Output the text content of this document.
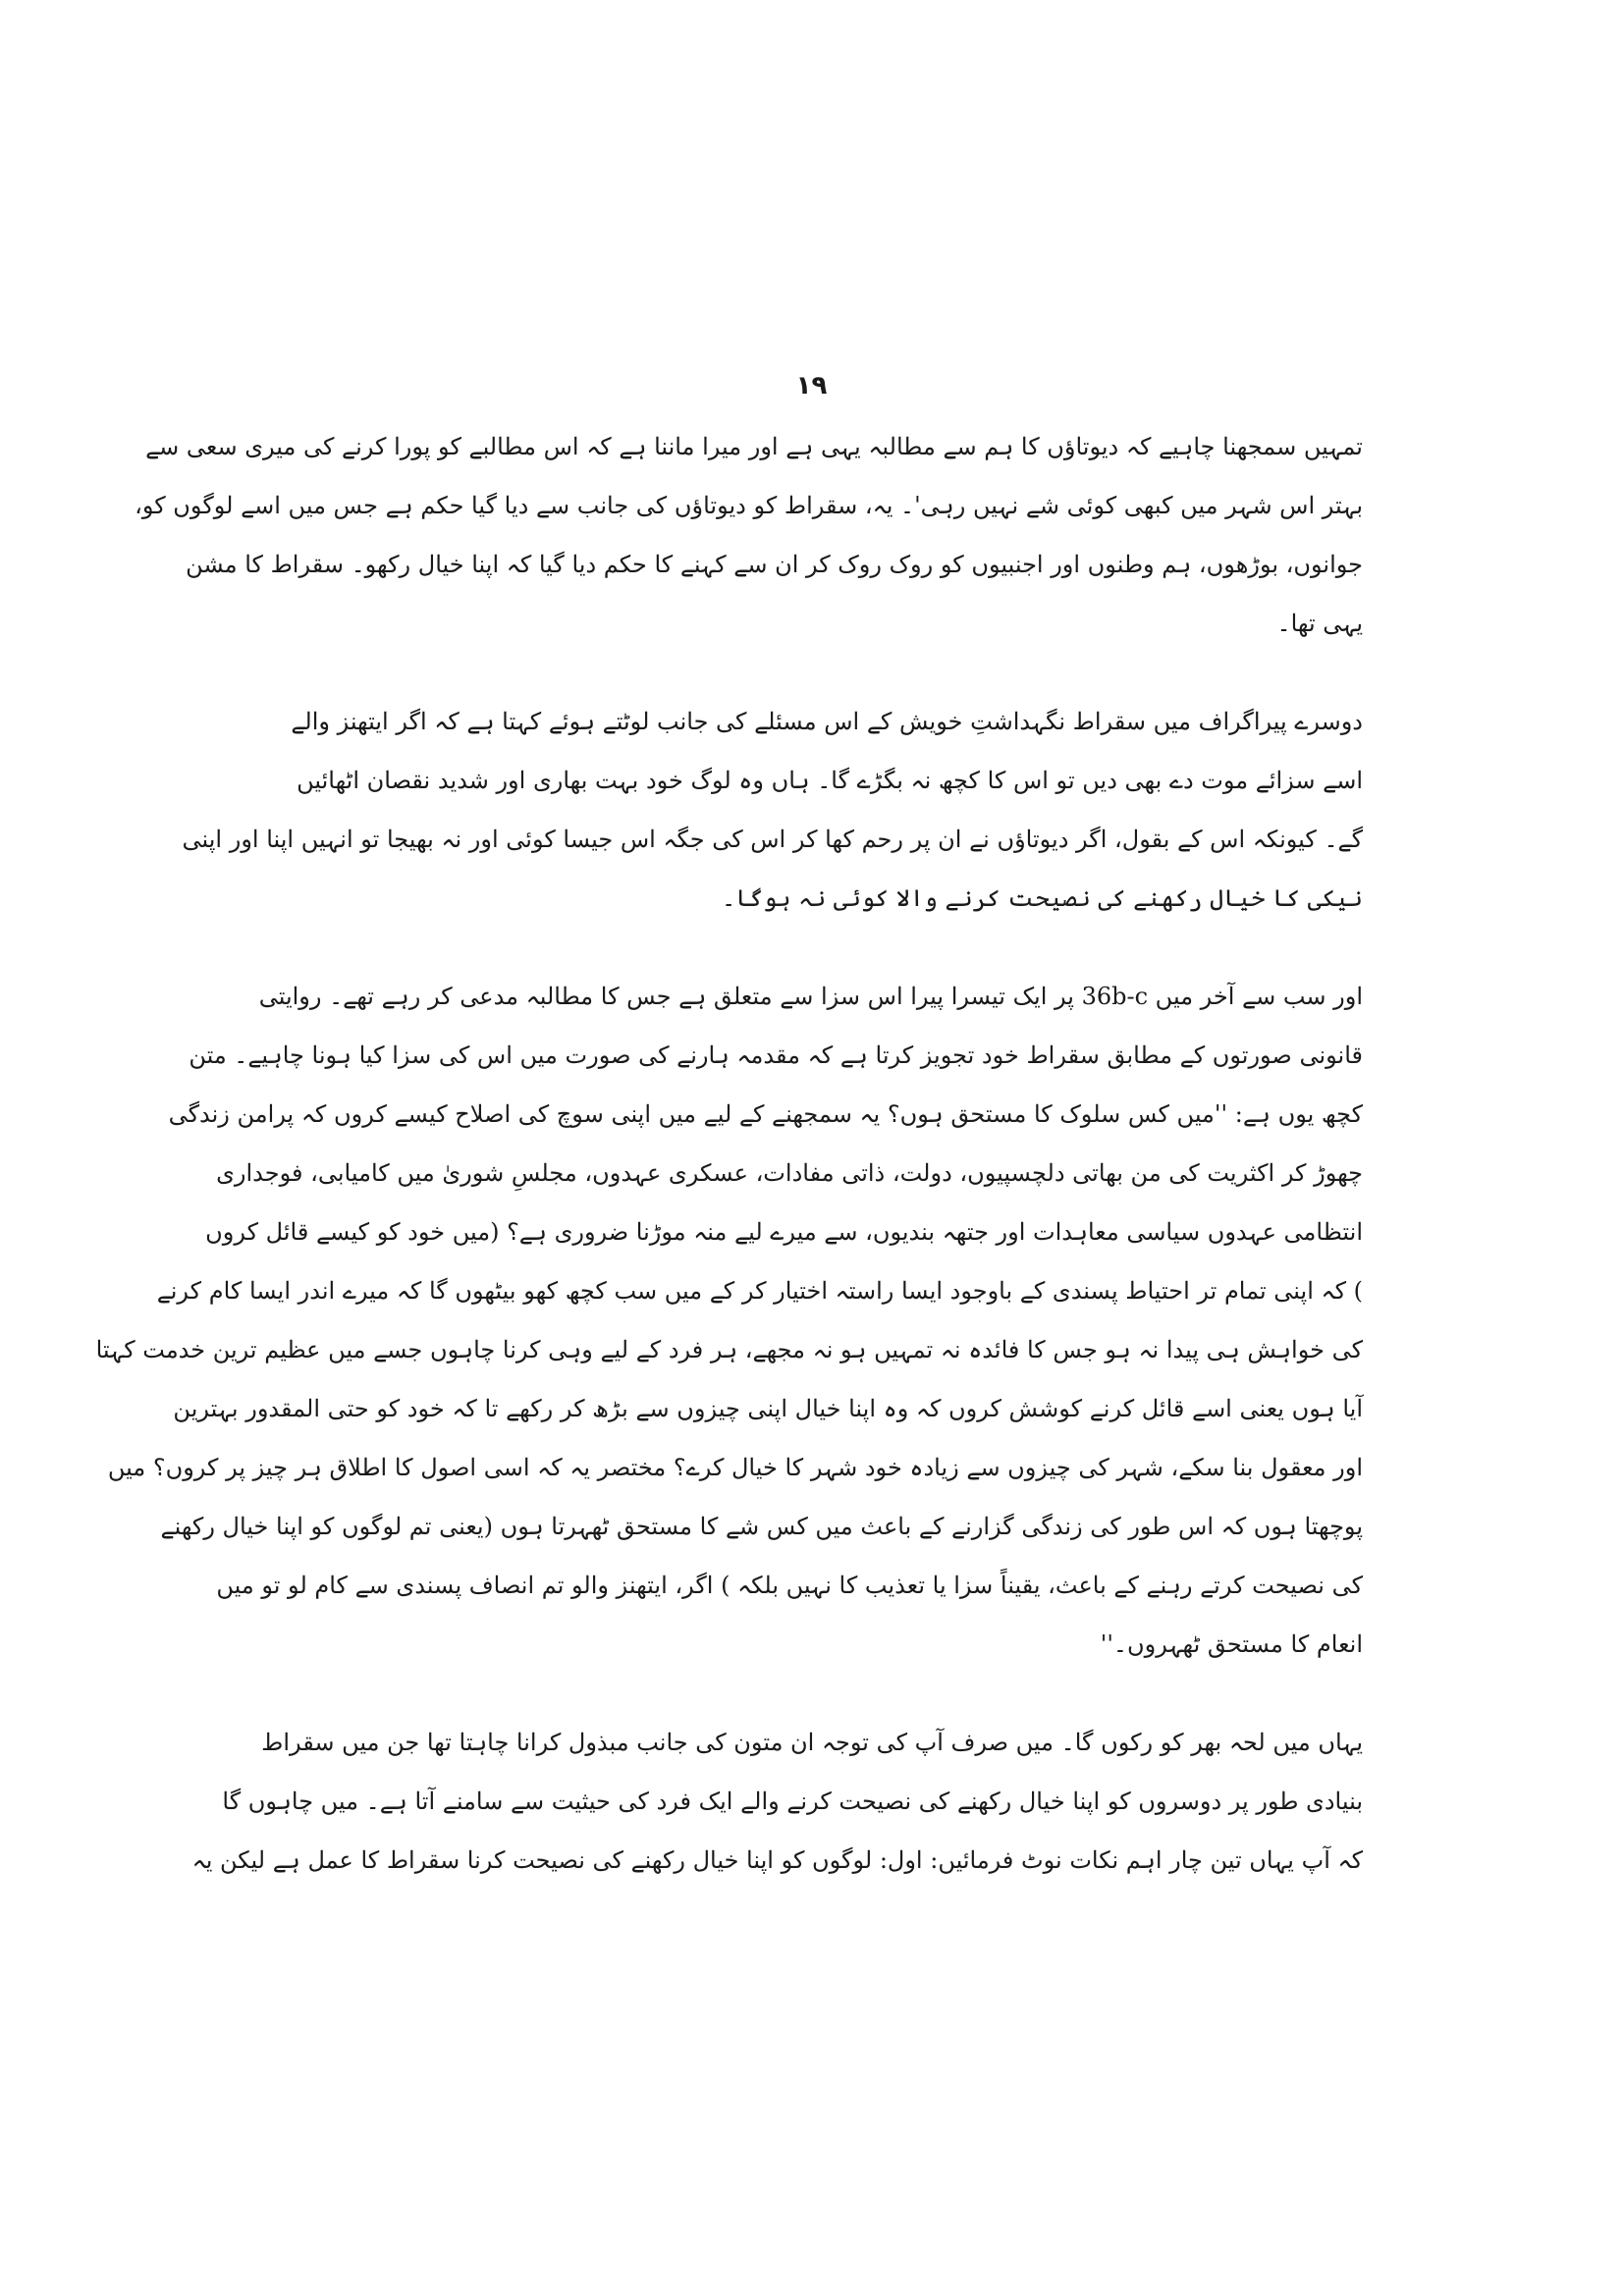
۱۹
تمہیں سمجھنا چاہیے کہ دیوتاؤں کا ہم سے مطالبہ یہی ہے اور میرا ماننا ہے کہ اس مطالبے کو پورا کرنے کی میری سعی سے
بہتر اس شہر میں کبھی کوئی شے نہیں رہی'۔ یہ، سقراط کو دیوتاؤں کی جانب سے دیا گیا حکم ہے جس میں اسے لوگوں کو،
جوانوں، بوڑھوں، ہم وطنوں اور اجنبیوں کو روک روک کر ان سے کہنے کا حکم دیا گیا کہ اپنا خیال رکھو۔ سقراط کا مشن
یہی تھا۔
دوسرے پیراگراف میں سقراط نگہداشتِ خویش کے اس مسئلے کی جانب لوٹتے ہوئے کہتا ہے کہ اگر ایتھنز والے
اسے سزائے موت دے بھی دیں تو اس کا کچھ نہ بگڑے گا۔ ہاں وہ لوگ خود بہت بھاری اور شدید نقصان اٹھائیں
گے۔ کیونکہ اس کے بقول، اگر دیوتاؤں نے ان پر رحم کھا کر اس کی جگہ اس جیسا کوئی اور نہ بھیجا تو انہیں اپنا اور اپنی
نیکی کا خیال رکھنے کی نصیحت کرنے والا کوئی نہ ہوگا۔
اور سب سے آخر میں 36b-c پر ایک تیسرا پیرا اس سزا سے متعلق ہے جس کا مطالبہ مدعی کر رہے تھے۔ روایتی
قانونی صورتوں کے مطابق سقراط خود تجویز کرتا ہے کہ مقدمہ ہارنے کی صورت میں اس کی سزا کیا ہونا چاہیے۔ متن
کچھ یوں ہے: ''میں کس سلوک کا مستحق ہوں؟ یہ سمجھنے کے لیے میں اپنی سوچ کی اصلاح کیسے کروں کہ پرامن زندگی
چھوڑ کر اکثریت کی من بھاتی دلچسپیوں، دولت، ذاتی مفادات، عسکری عہدوں، مجلسِ شوریٰ میں کامیابی، فوجداری
انتظامی عہدوں سیاسی معاہدات اور جتھہ بندیوں، سے میرے لیے منہ موڑنا ضروری ہے؟ (میں خود کو کیسے قائل کروں
) کہ اپنی تمام تر احتیاط پسندی کے باوجود ایسا راستہ اختیار کر کے میں سب کچھ کھو بیٹھوں گا کہ میرے اندر ایسا کام کرنے
کی خواہش ہی پیدا نہ ہو جس کا فائدہ نہ تمہیں ہو نہ مجھے، ہر فرد کے لیے وہی کرنا چاہوں جسے میں عظیم ترین خدمت کہتا
آیا ہوں یعنی اسے قائل کرنے کوشش کروں کہ وہ اپنا خیال اپنی چیزوں سے بڑھ کر رکھے تا کہ خود کو حتی المقدور بہترین
اور معقول بنا سکے، شہر کی چیزوں سے زیادہ خود شہر کا خیال کرے؟ مختصر یہ کہ اسی اصول کا اطلاق ہر چیز پر کروں؟ میں
پوچھتا ہوں کہ اس طور کی زندگی گزارنے کے باعث میں کس شے کا مستحق ٹھہرتا ہوں (یعنی تم لوگوں کو اپنا خیال رکھنے
کی نصیحت کرتے رہنے کے باعث، یقیناً سزا یا تعذیب کا نہیں بلکہ ) اگر، ایتھنز والو تم انصاف پسندی سے کام لو تو میں
انعام کا مستحق ٹھہروں۔''
یہاں میں لحہ بھر کو رکوں گا۔ میں صرف آپ کی توجہ ان متون کی جانب مبذول کرانا چاہتا تھا جن میں سقراط
بنیادی طور پر دوسروں کو اپنا خیال رکھنے کی نصیحت کرنے والے ایک فرد کی حیثیت سے سامنے آتا ہے۔ میں چاہوں گا
کہ آپ یہاں تین چار اہم نکات نوٹ فرمائیں: اول: لوگوں کو اپنا خیال رکھنے کی نصیحت کرنا سقراط کا عمل ہے لیکن یہ
